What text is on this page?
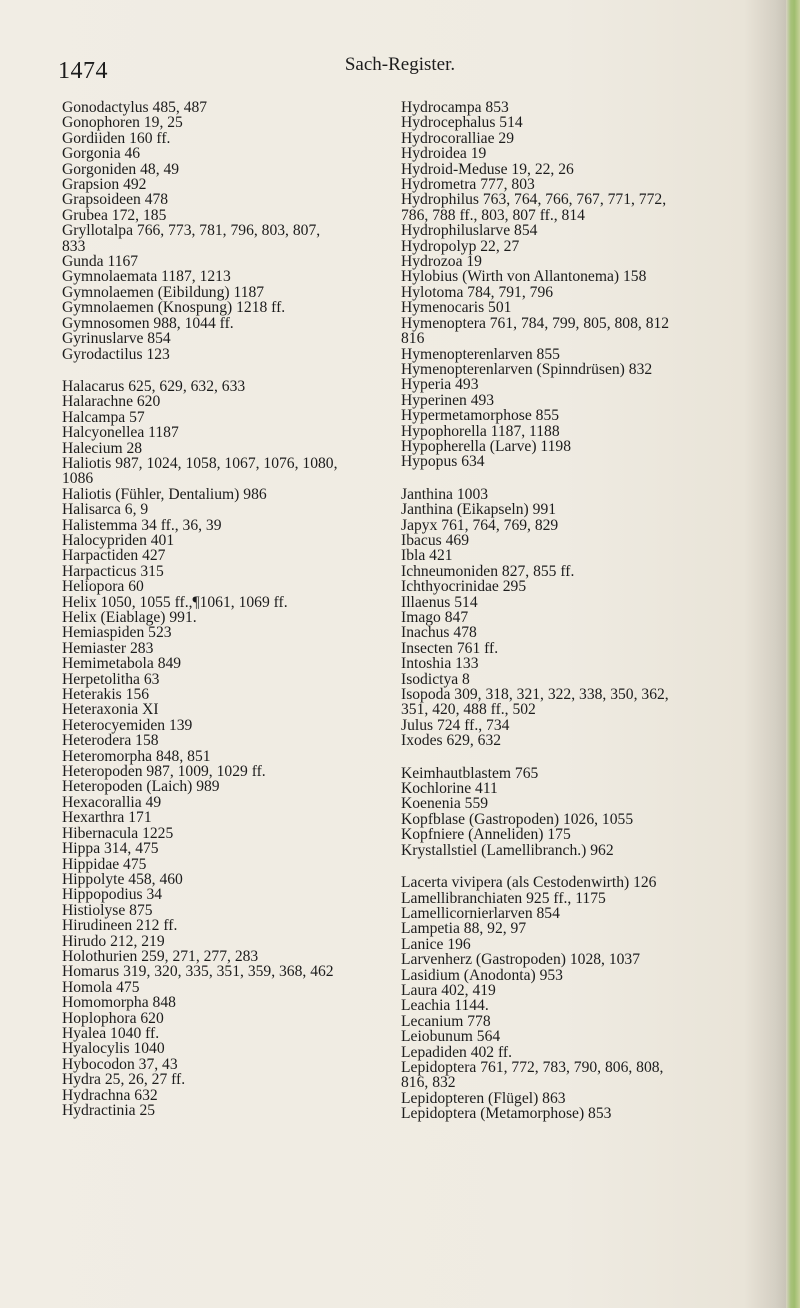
1474	Sach-Register.
Gonodactylus 485, 487
Gonophoren 19, 25
Gordiiden 160 ff.
Gorgonia 46
Gorgoniden 48, 49
Grapsion 492
Grapsoideen 478
Grubea 172, 185
Gryllotalpa 766, 773, 781, 796, 803, 807,
833
Gunda 1167
Gymnolaemata 1187, 1213
Gymnolaemen (Eibildung) 1187
Gymnolaemen (Knospung) 1218 ff.
Gymnosomen 988, 1044 ff.
Gyrinuslarve 854
Gyrodactilus 123
Halacarus 625, 629, 632, 633
Halarachne 620
Halcampa 57
Halcyonellea 1187
Halecium 28
Haliotis 987, 1024, 1058, 1067, 1076, 1080,
1086
Haliotis (Fühler, Dentalium) 986
Halisarca 6, 9
Halistemma 34 ff., 36, 39
Halocypriden 401
Harpactiden 427
Harpacticus 315
Heliopora 60
Helix 1050, 1055 ff.,¶1061, 1069 ff.
Helix (Eiablage) 991.
Hemiaspiden 523
Hemiaster 283
Hemimetabola 849
Herpetolitha 63
Heterakis 156
Heteraxonia XI
Heterocyemiden 139
Heterodera 158
Heteromorpha 848, 851
Heteropoden 987, 1009, 1029 ff.
Heteropoden (Laich) 989
Hexacorallia 49
Hexarthra 171
Hibernacula 1225
Hippa 314, 475
Hippidae 475
Hippolyte 458, 460
Hippopodius 34
Histiolyse 875
Hirudineen 212 ff.
Hirudo 212, 219
Holothurien 259, 271, 277, 283
Homarus 319, 320, 335, 351, 359, 368, 462
Homola 475
Homomorpha 848
Hoplophora 620
Hyalea 1040 ff.
Hyalocylis 1040
Hybocodon 37, 43
Hydra 25, 26, 27 ff.
Hydrachna 632
Hydractinia 25
Hydrocampa 853
Hydrocephalus 514
Hydrocoralliae 29
Hydroidea 19
Hydroid-Meduse 19, 22, 26
Hydrometra 777, 803
Hydrophilus 763, 764, 766, 767, 771, 772,
786, 788 ff., 803, 807 ff., 814
Hydrophiluslarve 854
Hydropolyp 22, 27
Hydrozoa 19
Hylobius (Wirth von Allantonema) 158
Hylotoma 784, 791, 796
Hymenocaris 501
Hymenoptera 761, 784, 799, 805, 808, 812
816
Hymenopterenlarven 855
Hymenopterenlarven (Spinndrüsen) 832
Hyperia 493
Hyperinen 493
Hypermetamorphose 855
Hypophorella 1187, 1188
Hypopherella (Larve) 1198
Hypopus 634
Janthina 1003
Janthina (Eikapseln) 991
Japyx 761, 764, 769, 829
Ibacus 469
Ibla 421
Ichneumoniden 827, 855 ff.
Ichthyocrinidae 295
Illaenus 514
Imago 847
Inachus 478
Insecten 761 ff.
Intoshia 133
Isodictya 8
Isopoda 309, 318, 321, 322, 338, 350, 362,
351, 420, 488 ff., 502
Julus 724 ff., 734
Ixodes 629, 632
Keimhautblastem 765
Kochlorine 411
Koenenia 559
Kopfblase (Gastropoden) 1026, 1055
Kopfniere (Anneliden) 175
Krystallstiel (Lamellibranch.) 962
Lacerta vivipera (als Cestodenwirth) 126
Lamellibranchiaten 925 ff., 1175
Lamellicornierlarven 854
Lampetia 88, 92, 97
Lanice 196
Larvenherz (Gastropoden) 1028, 1037
Lasidium (Anodonta) 953
Laura 402, 419
Leachia 1144.
Lecanium 778
Leiobunum 564
Lepadiden 402 ff.
Lepidoptera 761, 772, 783, 790, 806, 808,
816, 832
Lepidopteren (Flügel) 863
Lepidoptera (Metamorphose) 853
